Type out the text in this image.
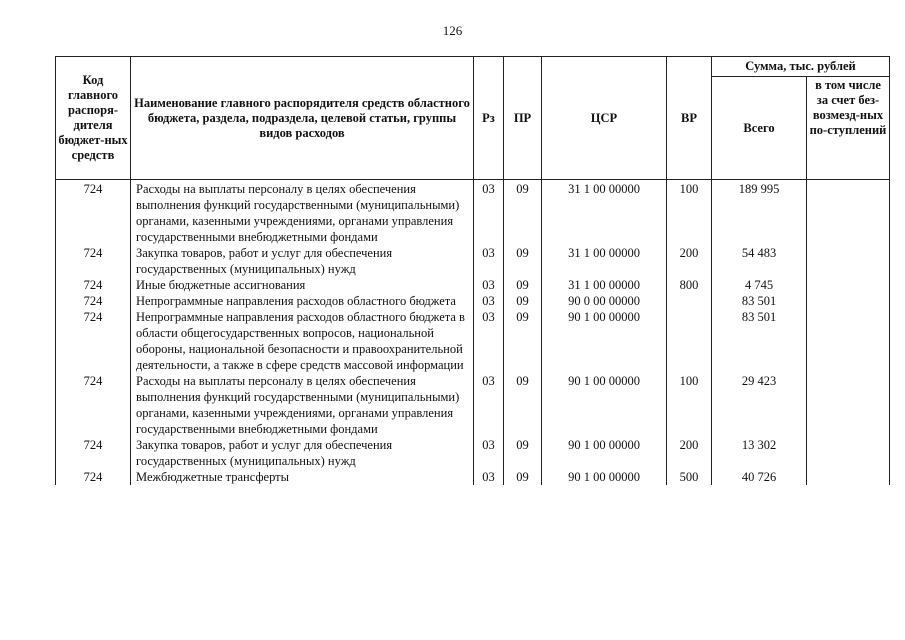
126
Код главного распоря-дителя бюджет-ных средств	Наименование главного распорядителя средств областного бюджета, раздела, подраздела, целевой статьи, группы видов расходов	Рз	ПР	ЦСР	ВР	Сумма, тыс. рублей	
						Всего	в том числе за счет без-возмезд-ных по-ступлений
724	Расходы на выплаты персоналу в целях обеспечения выполнения функций государственными (муниципальными) органами, казенными учреждениями, органами управления государственными внебюджетными фондами	03	09	31 1 00 00000	100	189 995	
724	Закупка товаров, работ и услуг для обеспечения государственных (муниципальных) нужд	03	09	31 1 00 00000	200	54 483	
724	Иные бюджетные ассигнования	03	09	31 1 00 00000	800	4 745	
724	Непрограммные направления расходов областного бюджета	03	09	90 0 00 00000		83 501	
724	Непрограммные направления расходов областного бюджета в области общегосударственных вопросов, национальной обороны, национальной безопасности и правоохранительной деятельности, а также в сфере средств массовой информации	03	09	90 1 00 00000		83 501	
724	Расходы на выплаты персоналу в целях обеспечения выполнения функций государственными (муниципальными) органами, казенными учреждениями, органами управления государственными внебюджетными фондами	03	09	90 1 00 00000	100	29 423	
724	Закупка товаров, работ и услуг для обеспечения государственных (муниципальных) нужд	03	09	90 1 00 00000	200	13 302	
724	Межбюджетные трансферты	03	09	90 1 00 00000	500	40 726	
